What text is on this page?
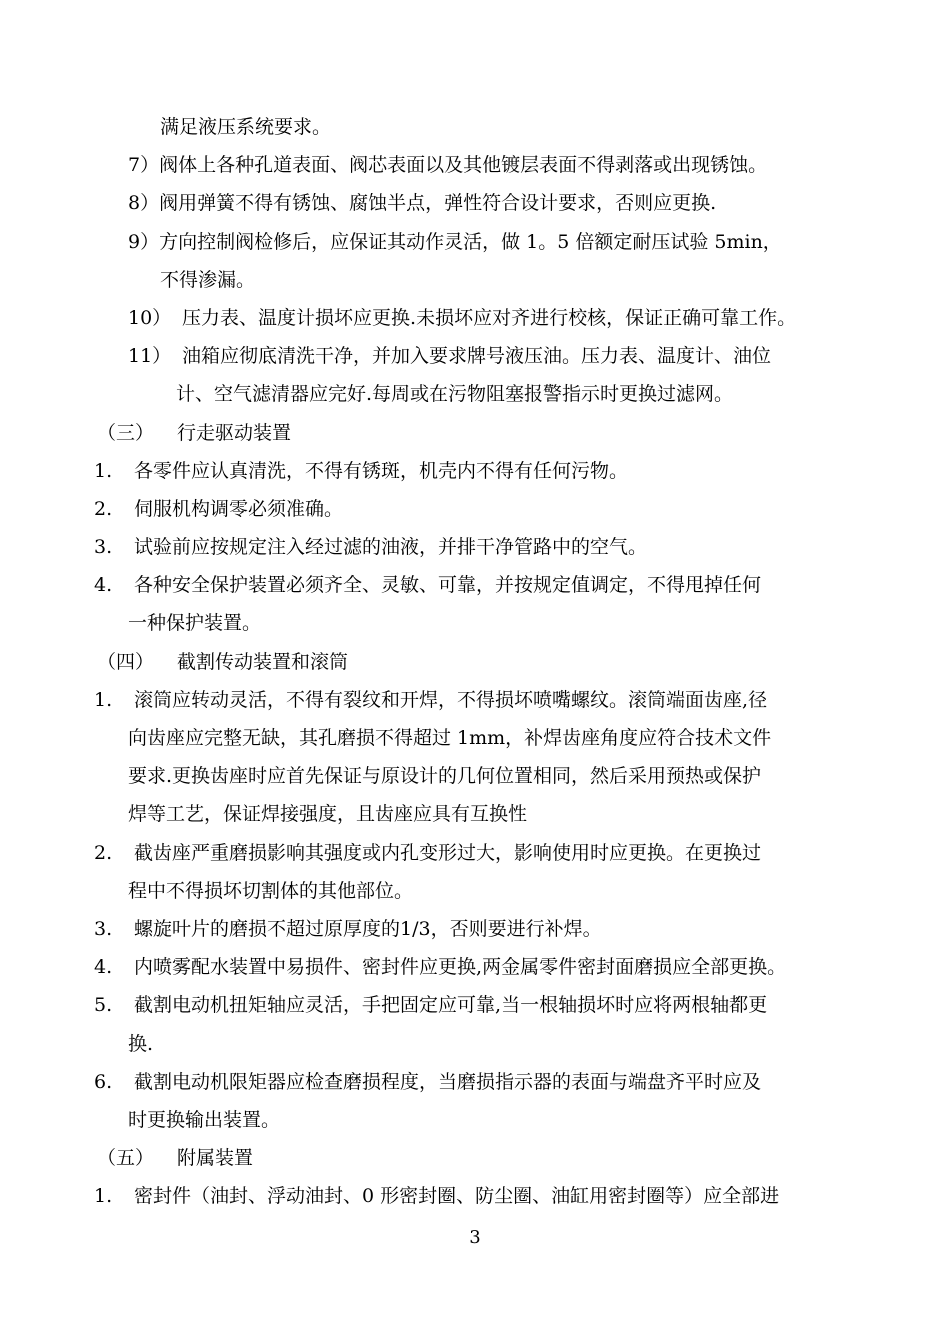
满足液压系统要求。
7）阀体上各种孔道表面、阀芯表面以及其他镀层表面不得剥落或出现锈蚀。
8）阀用弹簧不得有锈蚀、腐蚀半点，弹性符合设计要求，否则应更换.
9）方向控制阀检修后，应保证其动作灵活，做 1。5 倍额定耐压试验 5min，
不得渗漏。
10） 压力表、温度计损坏应更换.未损坏应对齐进行校核，保证正确可靠工作。
11） 油箱应彻底清洗干净，并加入要求牌号液压油。压力表、温度计、油位
计、空气滤清器应完好.每周或在污物阻塞报警指示时更换过滤网。
（三） 行走驱动装置
1. 各零件应认真清洗，不得有锈斑，机壳内不得有任何污物。
2. 伺服机构调零必须准确。
3. 试验前应按规定注入经过滤的油液，并排干净管路中的空气。
4. 各种安全保护装置必须齐全、灵敏、可靠，并按规定值调定，不得甩掉任何
一种保护装置。
（四） 截割传动装置和滚筒
1. 滚筒应转动灵活，不得有裂纹和开焊，不得损坏喷嘴螺纹。滚筒端面齿座,径
向齿座应完整无缺，其孔磨损不得超过 1mm，补焊齿座角度应符合技术文件
要求.更换齿座时应首先保证与原设计的几何位置相同，然后采用预热或保护
焊等工艺，保证焊接强度，且齿座应具有互换性
2. 截齿座严重磨损影响其强度或内孔变形过大，影响使用时应更换。在更换过
程中不得损坏切割体的其他部位。
3. 螺旋叶片的磨损不超过原厚度的1/3，否则要进行补焊。
4. 内喷雾配水装置中易损件、密封件应更换,两金属零件密封面磨损应全部更换。
5. 截割电动机扭矩轴应灵活，手把固定应可靠,当一根轴损坏时应将两根轴都更
换.
6. 截割电动机限矩器应检查磨损程度，当磨损指示器的表面与端盘齐平时应及
时更换输出装置。
（五） 附属装置
1. 密封件（油封、浮动油封、0 形密封圈、防尘圈、油缸用密封圈等）应全部进
3
